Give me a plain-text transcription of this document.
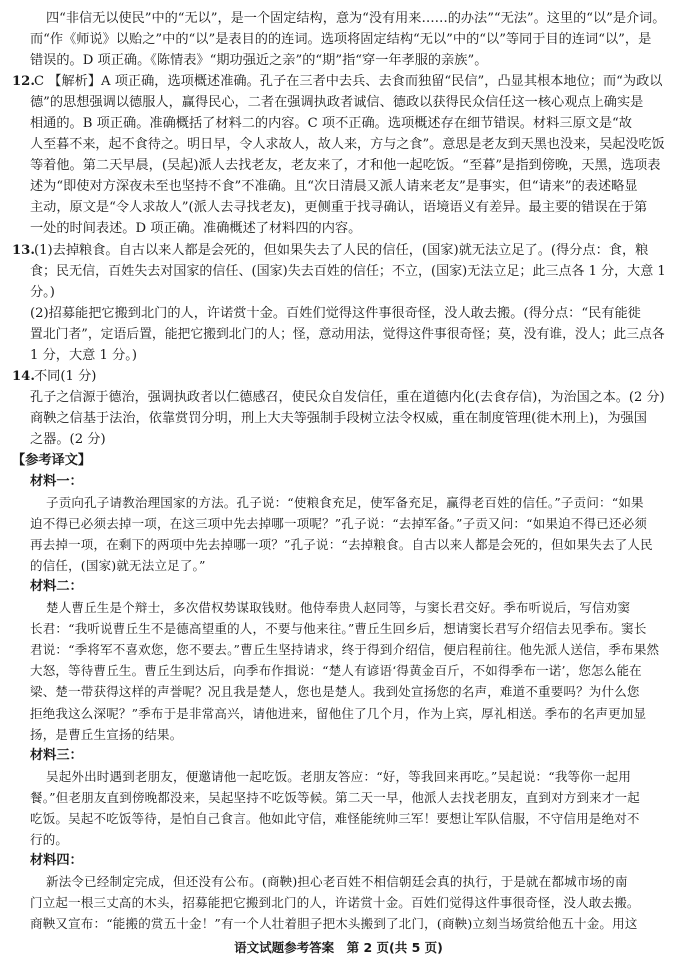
四“非信无以使民”中的“无以”，是一个固定结构，意为“没有用来……的办法”“无法”。这里的“以”是介词。
而“作《师说》以贻之”中的“以”是表目的的连词。选项将固定结构“无以”中的“以”等同于目的连词“以”，是
错误的。D 项正确。《陈情表》“期功强近之亲”的“期”指“穿一年孝服的亲族”。
12. C 【解析】A 项正确，选项概述准确。孔子在三者中去兵、去食而独留“民信”，凸显其根本地位；而“为政以
德”的思想强调以德服人，赢得民心，二者在强调执政者诚信、德政以获得民众信任这一核心观点上确实是
相通的。B 项正确。准确概括了材料二的内容。C 项不正确。选项概述存在细节错误。材料三原文是“故
人至暮不来，起不食待之。明日早，令人求故人，故人来，方与之食”。意思是老友到天黑也没来，吴起没吃饭
等着他。第二天早晨，(吴起)派人去找老友，老友来了，才和他一起吃饭。“至暮”是指到傍晚，天黑，选项表
述为“即使对方深夜未至也坚持不食”不准确。且“次日清晨又派人请来老友”是事实，但“请来”的表述略显
主动，原文是“令人求故人”(派人去寻找老友)，更侧重于找寻确认，语境语义有差异。最主要的错误在于第
一处的时间表述。D 项正确。准确概述了材料四的内容。
13. (1)去掉粮食。自古以来人都是会死的，但如果失去了人民的信任，(国家)就无法立足了。(得分点：食，粮
食；民无信，百姓失去对国家的信任、(国家)失去百姓的信任；不立，(国家)无法立足；此三点各 1 分，大意 1
分。)
(2)招募能把它搬到北门的人，许诺赏十金。百姓们觉得这件事很奇怪，没人敢去搬。(得分点：“民有能徙
置北门者”，定语后置，能把它搬到北门的人；怪，意动用法，觉得这件事很奇怪；莫，没有谁，没人；此三点各
1 分，大意 1 分。)
14. 不同(1 分)
孔子之信源于德治，强调执政者以仁德感召，使民众自发信任，重在道德内化(去食存信)，为治国之本。(2 分)
商鞅之信基于法治，依靠赏罚分明，刑上大夫等强制手段树立法令权威，重在制度管理(徙木刑上)，为强国
之器。(2 分)
【参考译文】
材料一：
子贡向孔子请教治理国家的方法。孔子说：“使粮食充足，使军备充足，赢得老百姓的信任。”子贡问：“如果
迫不得已必须去掉一项，在这三项中先去掉哪一项呢？”孔子说：“去掉军备。”子贡又问：“如果迫不得已还必须
再去掉一项，在剩下的两项中先去掉哪一项？”孔子说：“去掉粮食。自古以来人都是会死的，但如果失去了人民
的信任，(国家)就无法立足了。”
材料二：
楚人曹丘生是个辩士，多次借权势谋取钱财。他侍奉贵人赵同等，与窦长君交好。季布听说后，写信劝窦
长君：“我听说曹丘生不是德高望重的人，不要与他来往。”曹丘生回乡后，想请窦长君写介绍信去见季布。窦长
君说：“季将军不喜欢您，您不要去。”曹丘生坚持请求，终于得到介绍信，便启程前往。他先派人送信，季布果然
大怒，等待曹丘生。曹丘生到达后，向季布作揖说：“楚人有谚语‘得黄金百斤，不如得季布一诺’，您怎么能在
梁、楚一带获得这样的声誉呢？况且我是楚人，您也是楚人。我到处宣扬您的名声，难道不重要吗？为什么您
拒绝我这么深呢？”季布于是非常高兴，请他进来，留他住了几个月，作为上宾，厚礼相送。季布的名声更加显
扬，是曹丘生宣扬的结果。
材料三：
吴起外出时遇到老朋友，便邀请他一起吃饭。老朋友答应：“好，等我回来再吃。”吴起说：“我等你一起用
餐。”但老朋友直到傍晚都没来，吴起坚持不吃饭等候。第二天一早，他派人去找老朋友，直到对方到来才一起
吃饭。吴起不吃饭等待，是怕自己食言。他如此守信，难怪能统帅三军！要想让军队信服，不守信用是绝对不
行的。
材料四：
新法令已经制定完成，但还没有公布。(商鞅)担心老百姓不相信朝廷会真的执行，于是就在都城市场的南
门立起一根三丈高的木头，招募能把它搬到北门的人，许诺赏十金。百姓们觉得这件事很奇怪，没人敢去搬。
商鞅又宣布：“能搬的赏五十金！”有一个人壮着胆子把木头搬到了北门，(商鞅)立刻当场赏给他五十金。用这
语文试题参考答案　第 2 页(共 5 页)
